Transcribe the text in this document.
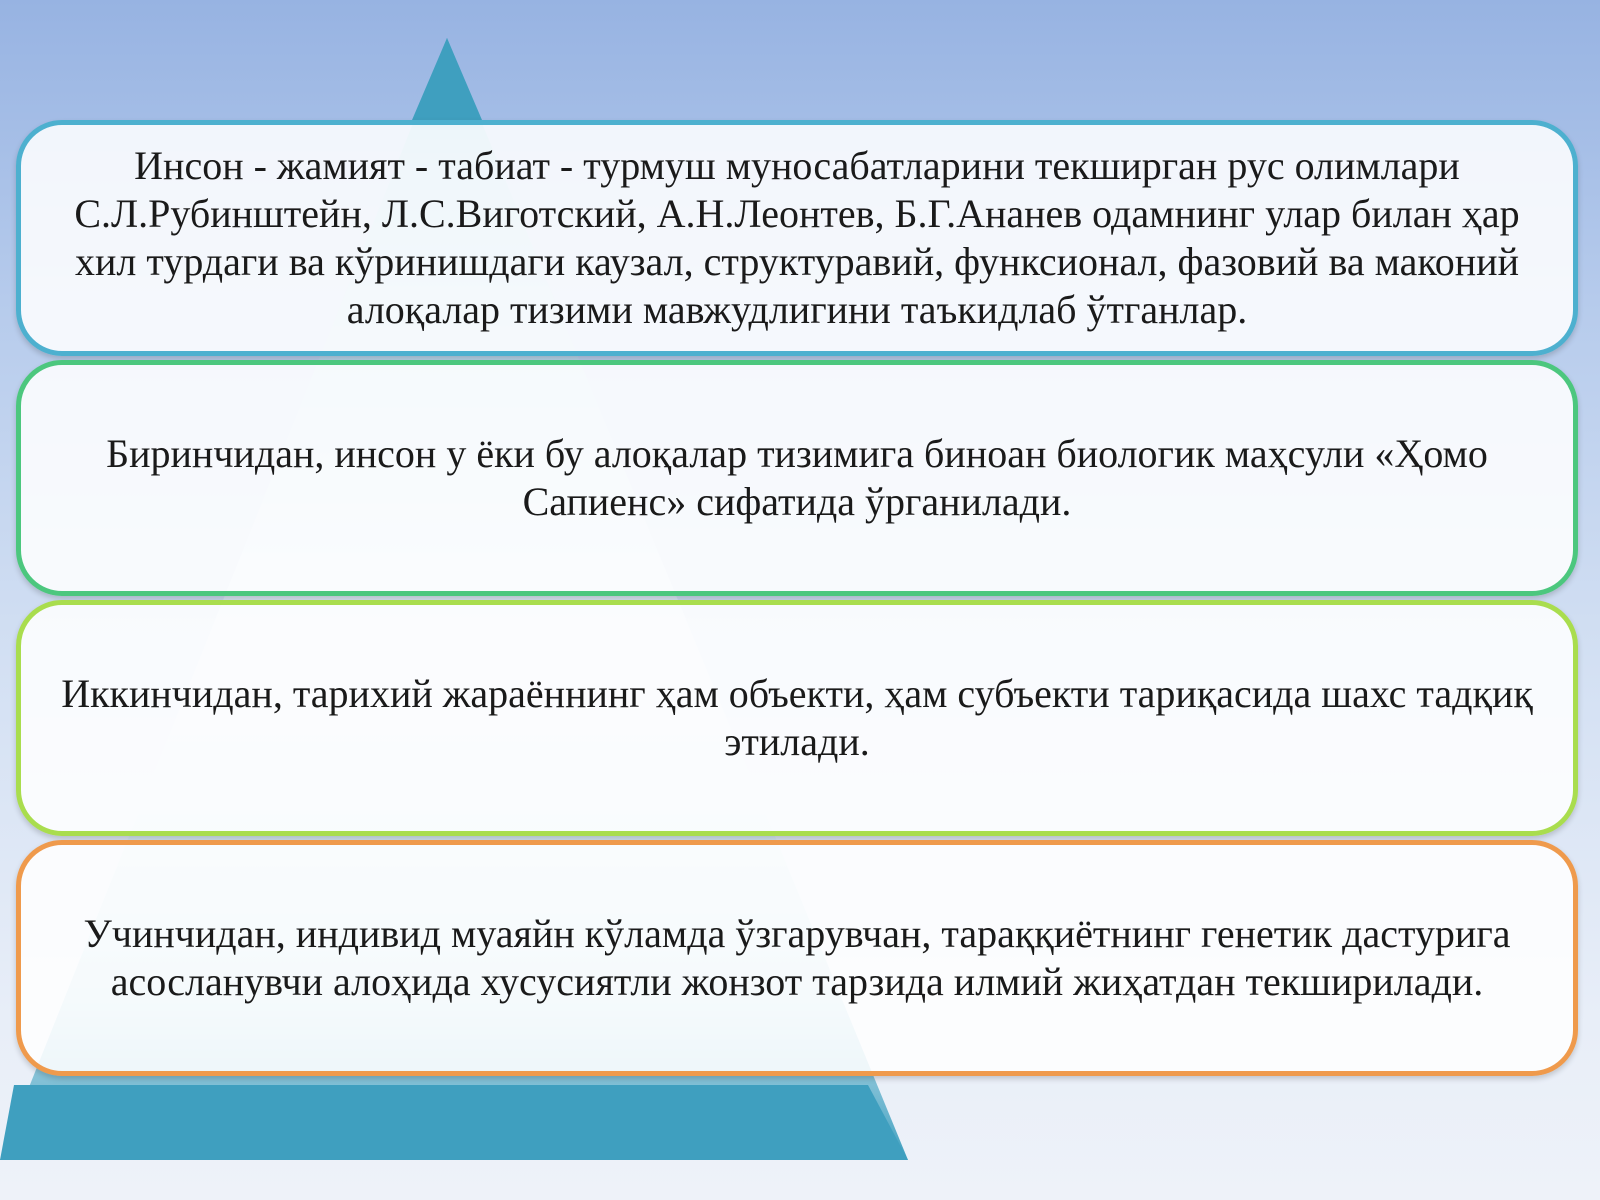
Инсон - жамият - табиат - турмуш муносабатларини текширган рус олимлари С.Л.Рубинштейн, Л.С.Виготский, А.Н.Леонтев, Б.Г.Ананев одамнинг улар билан ҳар хил турдаги ва кўринишдаги каузал, структуравий, функсионал, фазовий ва маконий алоқалар тизими мавжудлигини таъкидлаб ўтганлар.
Биринчидан, инсон у ёки бу алоқалар тизимига биноан биологик маҳсули «Ҳомо Сапиенс» сифатида ўрганилади.
Иккинчидан, тарихий жараённинг ҳам объекти, ҳам субъекти тариқасида шахс тадқиқ этилади.
Учинчидан, индивид муаяйн кўламда ўзгарувчан, тараққиётнинг генетик дастурига асосланувчи алоҳида хусусиятли жонзот тарзида илмий жиҳатдан текширилади.
